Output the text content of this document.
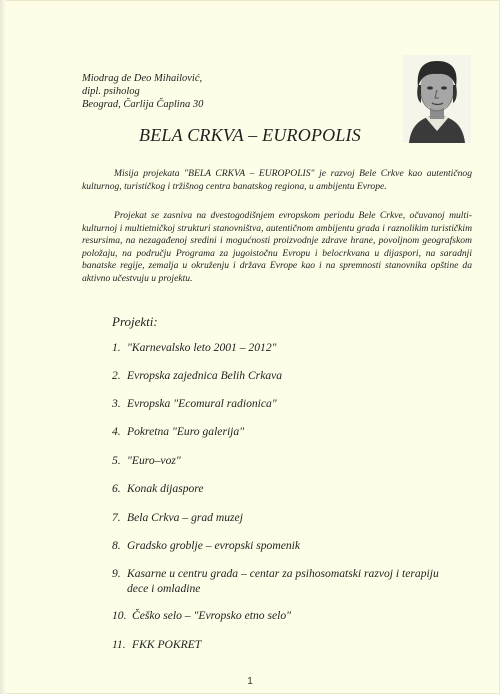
Miodrag de Deo Mihailović,
dipl. psiholog
Beograd, Čarlija Čaplina 30
BELA CRKVA – EUROPOLIS

Misija projekata "BELA CRKVA – EUROPOLIS" je razvoj Bele Crkve kao autentičnog kulturnog, turističkog i tržišnog centra banatskog regiona, u ambijentu Evrope.

Projekat se zasniva na dvestogodišnjem evropskom periodu Bele Crkve, očuvanoj multi-kulturnoj i multietničkoj strukturi stanovništva, autentičnom ambijentu grada i raznolikim turističkim resursima, na nezagađenoj sredini i mogućnosti proizvodnje zdrave hrane, povoljnom geografskom položaju, na području Programa za jugoistočnu Evropu i belocrkvana u dijaspori, na saradnji banatske regije, zemalja u okruženju i država Evrope kao i na spremnosti stanovnika opštine da aktivno učestvuju u projektu.

Projekti:
1. "Karnevalsko leto 2001 – 2012"
2. Evropska zajednica Belih Crkava
3. Evropska "Ecomural radionica"
4. Pokretna "Euro galerija"
5. "Euro–voz"
6. Konak dijaspore
7. Bela Crkva – grad muzej
8. Gradsko groblje – evropski spomenik
9. Kasarne u centru grada – centar za psihosomatski razvoj i terapiju dece i omladine
10. Češko selo – "Evropsko etno selo"
11. FKK POKRET
1
